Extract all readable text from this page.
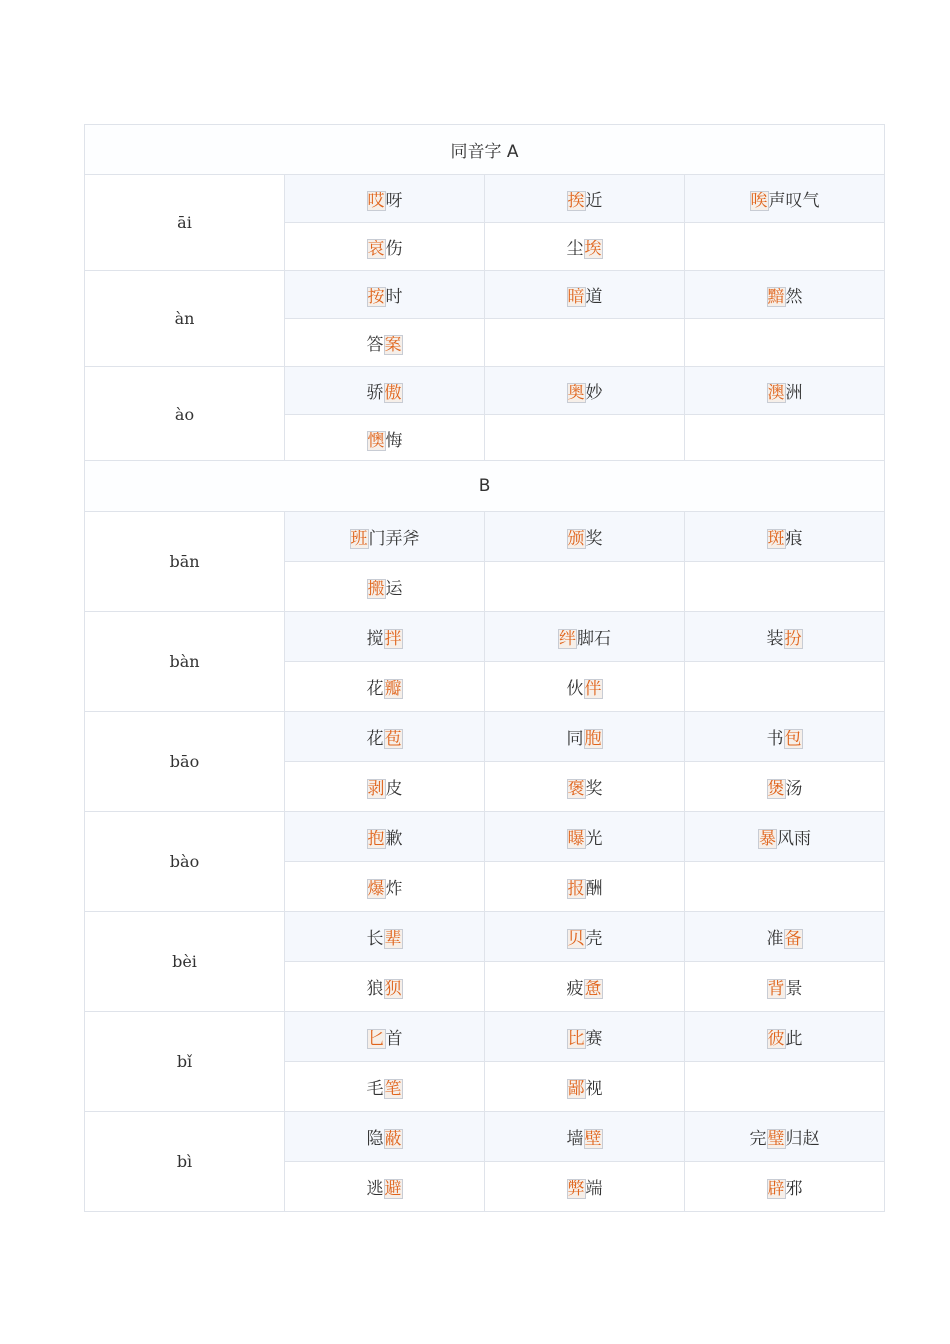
同音字 A			
āi	哎呀	挨近	唉声叹气
	哀伤	尘埃	
àn	按时	暗道	黯然
	答案		
ào	骄傲	奥妙	澳洲
	懊悔		
B			
bān	班门弄斧	颁奖	斑痕
	搬运		
bàn	搅拌	绊脚石	装扮
	花瓣	伙伴	
bāo	花苞	同胞	书包
	剥皮	褒奖	煲汤
bào	抱歉	曝光	暴风雨
	爆炸	报酬	
bèi	长辈	贝壳	准备
	狼狈	疲惫	背景
bǐ	匕首	比赛	彼此
	毛笔	鄙视	
bì	隐蔽	墙壁	完璧归赵
	逃避	弊端	辟邪
